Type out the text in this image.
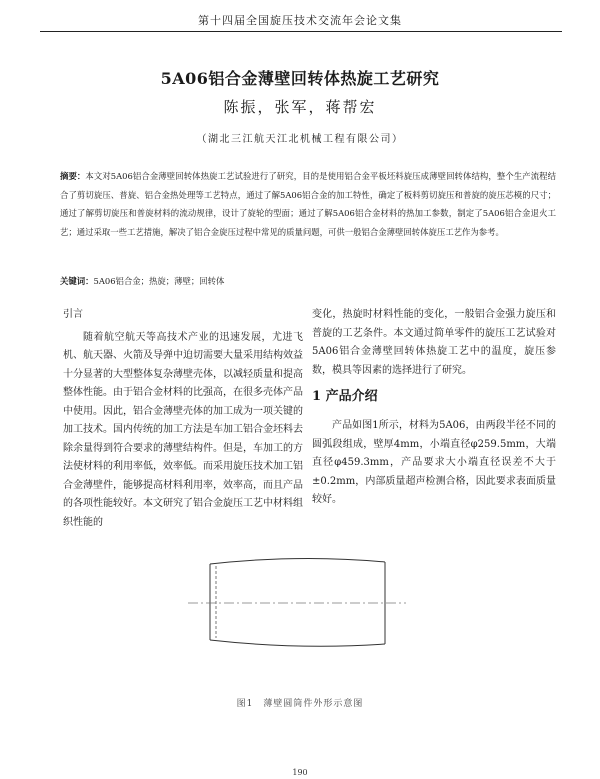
第十四届全国旋压技术交流年会论文集
5A06铝合金薄壁回转体热旋工艺研究
陈振，张军，蒋帮宏
（湖北三江航天江北机械工程有限公司）
摘要：本文对5A06铝合金薄壁回转体热旋工艺试验进行了研究，目的是使用铝合金平板坯料旋压成薄壁回转体结构，整个生产流程结合了剪切旋压、普旋、铝合金热处理等工艺特点，通过了解5A06铝合金的加工特性，确定了板料剪切旋压和普旋的旋压芯模的尺寸；通过了解剪切旋压和普旋材料的流动规律，设计了旋轮的型面；通过了解5A06铝合金材料的热加工参数，制定了5A06铝合金退火工艺；通过采取一些工艺措施，解决了铝合金旋压过程中常见的质量问题，可供一般铝合金薄壁回转体旋压工艺作为参考。
关键词：5A06铝合金；热旋；薄壁；回转体

引言

随着航空航天等高技术产业的迅速发展，尤进飞机、航天器、火箭及导弹中迫切需要大量采用结构效益十分显著的大型整体复杂薄壁壳体，以减轻质量和提高整体性能。由于铝合金材料的比强高，在很多壳体产品中使用。因此，铝合金薄壁壳体的加工成为一项关键的加工技术。国内传统的加工方法是车加工铝合金坯料去除余量得到符合要求的薄壁结构件。但是，车加工的方法使材料的利用率低，效率低。而采用旋压技术加工铝合金薄壁件，能够提高材料利用率，效率高，而且产品的各项性能较好。本文研究了铝合金旋压工艺中材料组织性能的

变化，热旋时材料性能的变化，一般铝合金强力旋压和普旋的工艺条件。本文通过简单零件的旋压工艺试验对5A06铝合金薄壁回转体热旋工艺中的温度，旋压参数，模具等因素的选择进行了研究。

1 产品介绍

产品如图1所示，材料为5A06，由两段半径不同的圆弧段组成，壁厚4mm，小端直径φ259.5mm，大端直径φ459.3mm，产品要求大小端直径误差不大于±0.2mm，内部质量超声检测合格，因此要求表面质量较好。

图1　薄壁圆筒件外形示意图
190
